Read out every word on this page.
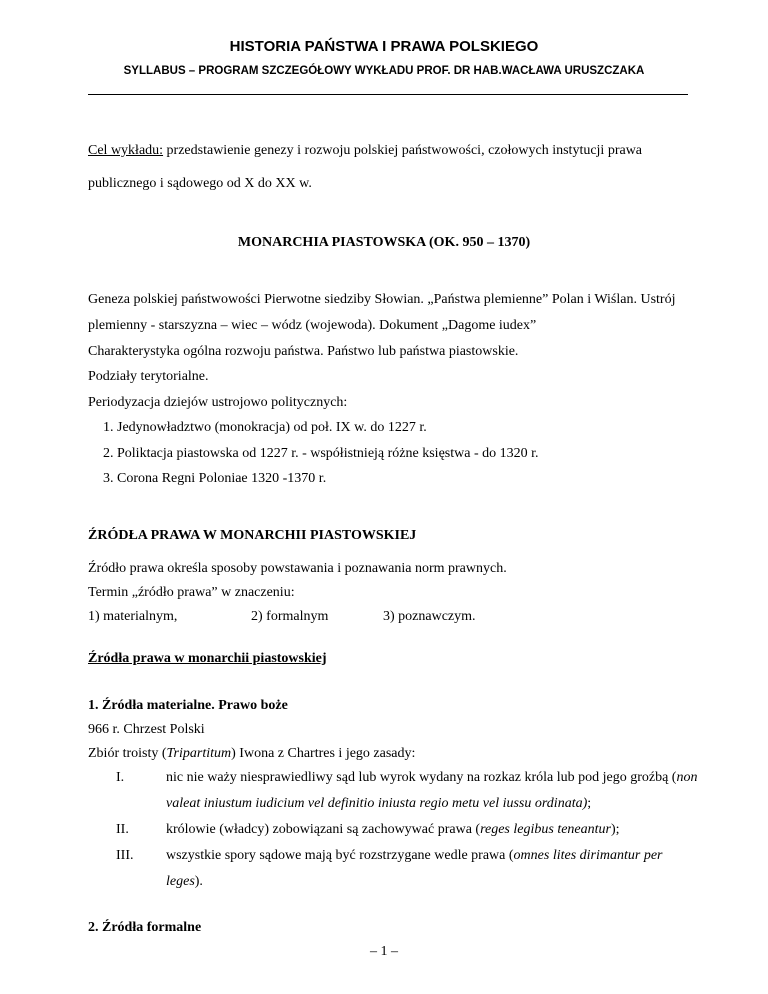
HISTORIA PAŃSTWA I PRAWA POLSKIEGO
SYLLABUS – PROGRAM SZCZEGÓŁOWY WYKŁADU PROF. DR HAB.WACŁAWA URUSZCZAKA
Cel wykładu: przedstawienie genezy i rozwoju polskiej państwowości, czołowych instytucji prawa
publicznego i sądowego od X do XX w.
MONARCHIA PIASTOWSKA (OK. 950 – 1370)
Geneza polskiej państwowości Pierwotne siedziby Słowian. „Państwa plemienne” Polan i Wiślan. Ustrój
plemienny - starszyzna – wiec – wódz (wojewoda). Dokument „Dagome iudex”
Charakterystyka ogólna rozwoju państwa. Państwo lub państwa piastowskie.
Podziały terytorialne.
Periodyzacja dziejów ustrojowo politycznych:
1. Jedynowładztwo (monokracja) od poł. IX w. do 1227 r.
2. Poliktacja piastowska od 1227 r. - współistnieją różne księstwa - do 1320 r.
3. Corona Regni Poloniae 1320 -1370 r.
ŹRÓDŁA PRAWA W MONARCHII PIASTOWSKIEJ
Źródło prawa określa sposoby powstawania i poznawania norm prawnych.
Termin „źródło prawa” w znaczeniu:
1) materialnym,	2) formalnym	3) poznawczym.
Źródła prawa w monarchii piastowskiej
1. Źródła materialne. Prawo boże
966 r. Chrzest Polski
Zbiór troisty (Tripartitum) Iwona z Chartres i jego zasady:
I.	nic nie waży niesprawiedliwy sąd lub wyrok wydany na rozkaz króla lub pod jego groźbą (non
valeat iniustum iudicium vel definitio iniusta regio metu vel iussu ordinata);
II.	królowie (władcy) zobowiązani są zachowywać prawa (reges legibus teneantur);
III. wszystkie spory sądowe mają być rozstrzygane wedle prawa (omnes lites dirimantur per
leges).
2. Źródła formalne
– 1 –
